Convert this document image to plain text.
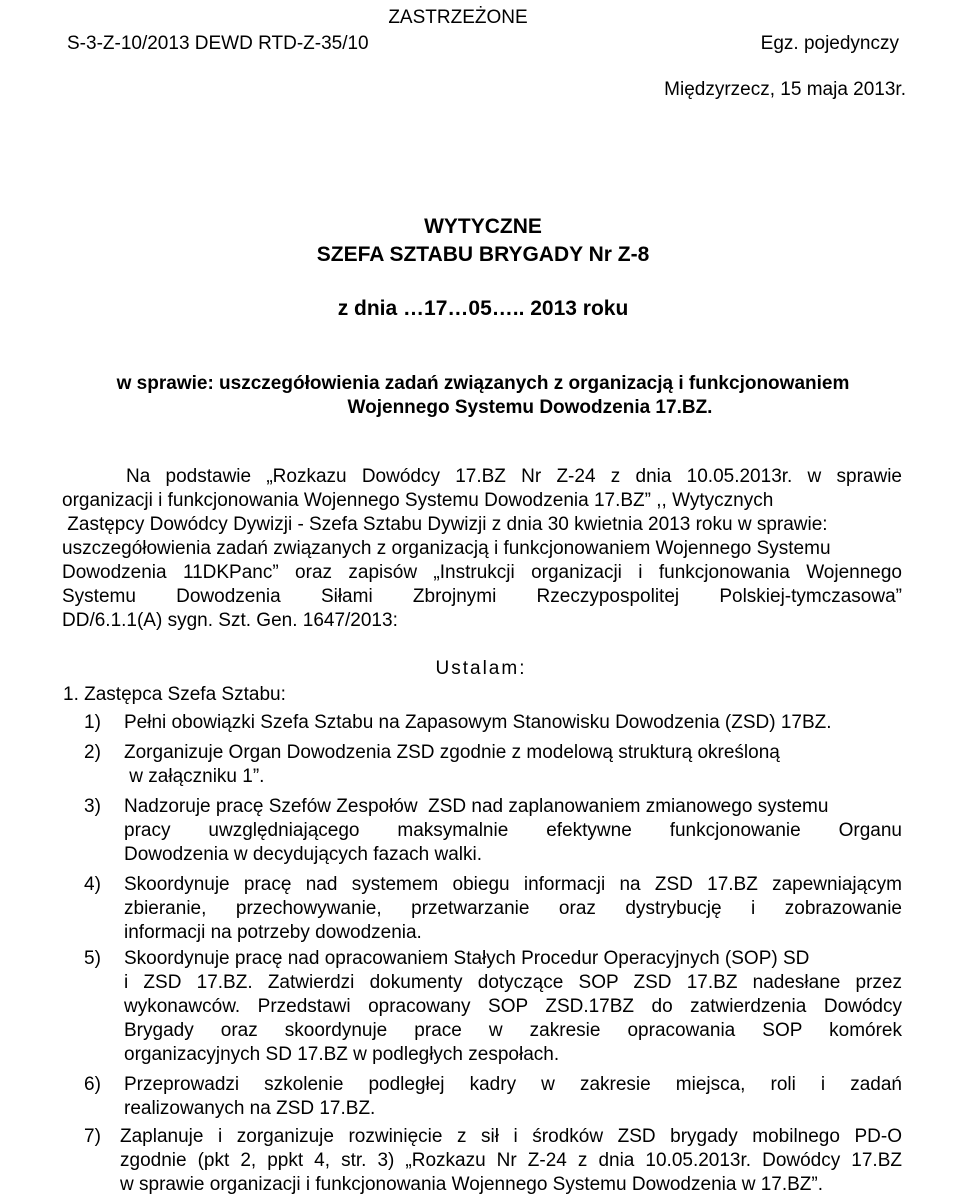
ZASTRZEŻONE
S-3-Z-10/2013 DEWD RTD-Z-35/10	Egz. pojedynczy
Międzyrzecz, 15 maja 2013r.
WYTYCZNE
SZEFA SZTABU BRYGADY Nr Z-8
z dnia …17…05….. 2013 roku
w sprawie: uszczegółowienia zadań związanych z organizacją i funkcjonowaniem
Wojennego Systemu Dowodzenia 17.BZ.
Na podstawie „Rozkazu Dowódcy 17.BZ Nr Z-24 z dnia 10.05.2013r. w sprawie
organizacji i funkcjonowania Wojennego Systemu Dowodzenia 17.BZ” ,, Wytycznych
Zastępcy Dowódcy Dywizji - Szefa Sztabu Dywizji z dnia 30 kwietnia 2013 roku w sprawie:
uszczegółowienia zadań związanych z organizacją i funkcjonowaniem Wojennego Systemu
Dowodzenia 11DKPanc” oraz zapisów „Instrukcji organizacji i funkcjonowania Wojennego
Systemu Dowodzenia Siłami Zbrojnymi Rzeczypospolitej Polskiej-tymczasowa”
DD/6.1.1(A) sygn. Szt. Gen. 1647/2013:
Ustalam:
1. Zastępca Szefa Sztabu:
1)	Pełni obowiązki Szefa Sztabu na Zapasowym Stanowisku Dowodzenia (ZSD) 17BZ.
2)	Zorganizuje Organ Dowodzenia ZSD zgodnie z modelową strukturą określoną
w załączniku 1”.
3)	Nadzoruje pracę Szefów Zespołów  ZSD nad zaplanowaniem zmianowego systemu
pracy uwzględniającego maksymalnie efektywne funkcjonowanie Organu
Dowodzenia w decydujących fazach walki.
4)	Skoordynuje pracę nad systemem obiegu informacji na ZSD 17.BZ zapewniającym
zbieranie, przechowywanie, przetwarzanie oraz dystrybucję i zobrazowanie
informacji na potrzeby dowodzenia.
5)	Skoordynuje pracę nad opracowaniem Stałych Procedur Operacyjnych (SOP) SD
i ZSD 17.BZ. Zatwierdzi dokumenty dotyczące SOP ZSD 17.BZ nadesłane przez
wykonawców. Przedstawi opracowany SOP ZSD.17BZ do zatwierdzenia Dowódcy
Brygady oraz skoordynuje prace w zakresie opracowania SOP komórek
organizacyjnych SD 17.BZ w podległych zespołach.
6)	Przeprowadzi szkolenie podległej kadry w zakresie miejsca, roli i zadań
realizowanych na ZSD 17.BZ.
7)	Zaplanuje i zorganizuje rozwinięcie z sił i środków ZSD brygady mobilnego PD-O
zgodnie (pkt 2, ppkt 4, str. 3) „Rozkazu Nr Z-24 z dnia 10.05.2013r. Dowódcy 17.BZ
w sprawie organizacji i funkcjonowania Wojennego Systemu Dowodzenia w 17.BZ”.
